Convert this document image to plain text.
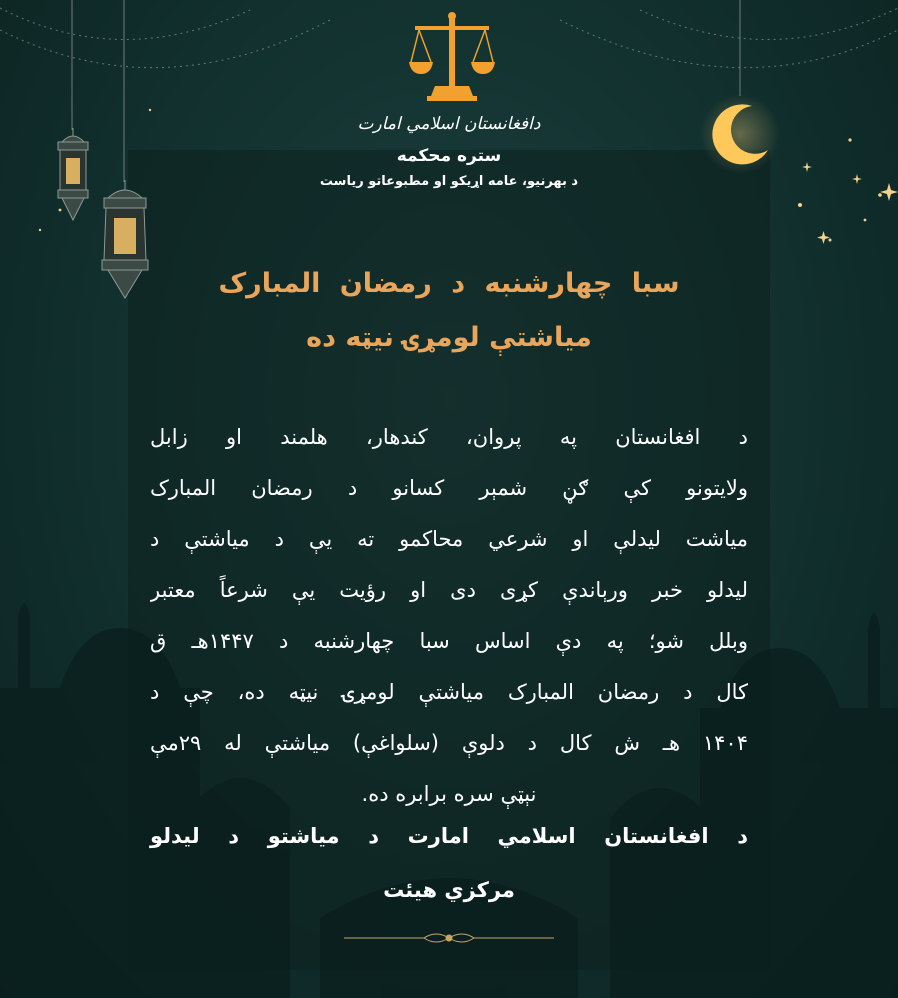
دافغانستان اسلامي امارت
ستره محکمه
د بهرنیو، عامه اړیکو او مطبوعاتو ریاست
سبا چهارشنبه د رمضان المبارک
میاشتې لومړۍ نیټه ده
د افغانستان په پروان، کندهار، هلمند او زابل
ولایتونو کې ګڼ شمېر کسانو د رمضان المبارک
میاشت لیدلې او شرعي محاکمو ته یې د میاشتې د
لیدلو خبر ورېاندې کړی دی او رؤیت یې شرعاً معتبر
وبلل شو؛ په دې اساس سبا چهارشنبه د ۱۴۴۷هـ ق
کال د رمضان المبارک میاشتې لومړۍ نیټه ده، چې د
۱۴۰۴ هـ ش کال د دلوې (سلواغې) میاشتې له ۲۹مې
نېټې سره برابره ده.
د افغانستان اسلامي امارت د میاشتو د لیدلو
مرکزي هیئت
